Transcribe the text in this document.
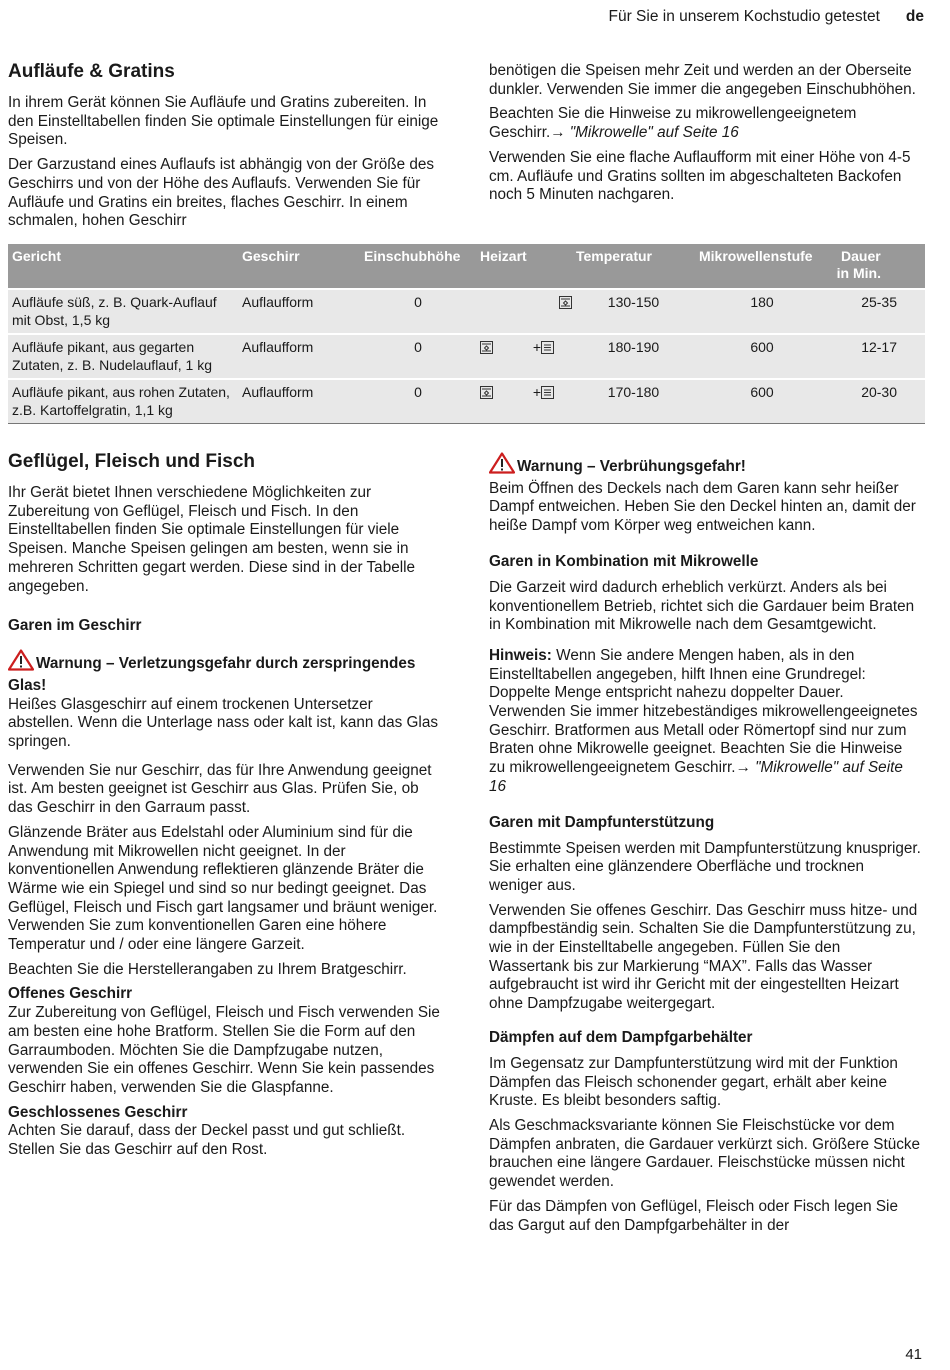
Für Sie in unserem Kochstudio getestet de
Aufläufe & Gratins

In ihrem Gerät können Sie Aufläufe und Gratins zubereiten. In den Einstelltabellen finden Sie optimale Einstellungen für einige Speisen.

Der Garzustand eines Auflaufs ist abhängig von der Größe des Geschirrs und von der Höhe des Auflaufs. Verwenden Sie für Aufläufe und Gratins ein breites, flaches Geschirr. In einem schmalen, hohen Geschirr

benötigen die Speisen mehr Zeit und werden an der Oberseite dunkler. Verwenden Sie immer die angegeben Einschubhöhen.

Beachten Sie die Hinweise zu mikrowellengeeignetem Geschirr.→ "Mikrowelle" auf Seite 16

Verwenden Sie eine flache Auflaufform mit einer Höhe von 4-5 cm. Aufläufe und Gratins sollten im abgeschalteten Backofen noch 5 Minuten nachgaren.

Gericht	Geschirr	Einschubhöhe	Heizart	Temperatur	Mikrowellenstufe	Dauer
in Min.

Aufläufe süß, z. B. Quark-Auflauf mit Obst, 1,5 kg	Auflaufform	0		130-150	180	25-35
Aufläufe pikant, aus gegarten Zutaten, z. B. Nudelauflauf, 1 kg	Auflaufform	0	+	180-190	600	12-17
Aufläufe pikant, aus rohen Zutaten, z.B. Kartoffelgratin, 1,1 kg	Auflaufform	0	+	170-180	600	20-30
Geflügel, Fleisch und Fisch

Ihr Gerät bietet Ihnen verschiedene Möglichkeiten zur Zubereitung von Geflügel, Fleisch und Fisch. In den Einstelltabellen finden Sie optimale Einstellungen für viele Speisen. Manche Speisen gelingen am besten, wenn sie in mehreren Schritten gegart werden. Diese sind in der Tabelle angegeben.

Garen im Geschirr
Warnung – Verletzungsgefahr durch zerspringendes Glas!

Heißes Glasgeschirr auf einem trockenen Untersetzer abstellen. Wenn die Unterlage nass oder kalt ist, kann das Glas springen.

Verwenden Sie nur Geschirr, das für Ihre Anwendung geeignet ist. Am besten geeignet ist Geschirr aus Glas. Prüfen Sie, ob das Geschirr in den Garraum passt.

Glänzende Bräter aus Edelstahl oder Aluminium sind für die Anwendung mit Mikrowellen nicht geeignet. In der konventionellen Anwendung reflektieren glänzende Bräter die Wärme wie ein Spiegel und sind so nur bedingt geeignet. Das Geflügel, Fleisch und Fisch gart langsamer und bräunt weniger. Verwenden Sie zum konventionellen Garen eine höhere Temperatur und / oder eine längere Garzeit.

Beachten Sie die Herstellerangaben zu Ihrem Bratgeschirr.

Offenes Geschirr

Zur Zubereitung von Geflügel, Fleisch und Fisch verwenden Sie am besten eine hohe Bratform. Stellen Sie die Form auf den Garraumboden. Möchten Sie die Dampfzugabe nutzen, verwenden Sie ein offenes Geschirr. Wenn Sie kein passendes Geschirr haben, verwenden Sie die Glaspfanne.

Geschlossenes Geschirr

Achten Sie darauf, dass der Deckel passt und gut schließt. Stellen Sie das Geschirr auf den Rost.

Warnung – Verbrühungsgefahr!

Beim Öffnen des Deckels nach dem Garen kann sehr heißer Dampf entweichen. Heben Sie den Deckel hinten an, damit der heiße Dampf vom Körper weg entweichen kann.

Garen in Kombination mit Mikrowelle

Die Garzeit wird dadurch erheblich verkürzt. Anders als bei konventionellem Betrieb, richtet sich die Gardauer beim Braten in Kombination mit Mikrowelle nach dem Gesamtgewicht.

Hinweis: Wenn Sie andere Mengen haben, als in den Einstelltabellen angegeben, hilft Ihnen eine Grundregel: Doppelte Menge entspricht nahezu doppelter Dauer. Verwenden Sie immer hitzebeständiges mikrowellengeeignetes Geschirr. Bratformen aus Metall oder Römertopf sind nur zum Braten ohne Mikrowelle geeignet. Beachten Sie die Hinweise zu mikrowellengeeignetem Geschirr.→ "Mikrowelle" auf Seite 16

Garen mit Dampfunterstützung

Bestimmte Speisen werden mit Dampfunterstützung knuspriger. Sie erhalten eine glänzendere Oberfläche und trocknen weniger aus.

Verwenden Sie offenes Geschirr. Das Geschirr muss hitze- und dampfbeständig sein. Schalten Sie die Dampfunterstützung zu, wie in der Einstelltabelle angegeben. Füllen Sie den Wassertank bis zur Markierung “MAX”. Falls das Wasser aufgebraucht ist wird ihr Gericht mit der eingestellten Heizart ohne Dampfzugabe weitergegart.

Dämpfen auf dem Dampfgarbehälter

Im Gegensatz zur Dampfunterstützung wird mit der Funktion Dämpfen das Fleisch schonender gegart, erhält aber keine Kruste. Es bleibt besonders saftig.

Als Geschmacksvariante können Sie Fleischstücke vor dem Dämpfen anbraten, die Gardauer verkürzt sich. Größere Stücke brauchen eine längere Gardauer. Fleischstücke müssen nicht gewendet werden.

Für das Dämpfen von Geflügel, Fleisch oder Fisch legen Sie das Gargut auf den Dampfgarbehälter in der

41
